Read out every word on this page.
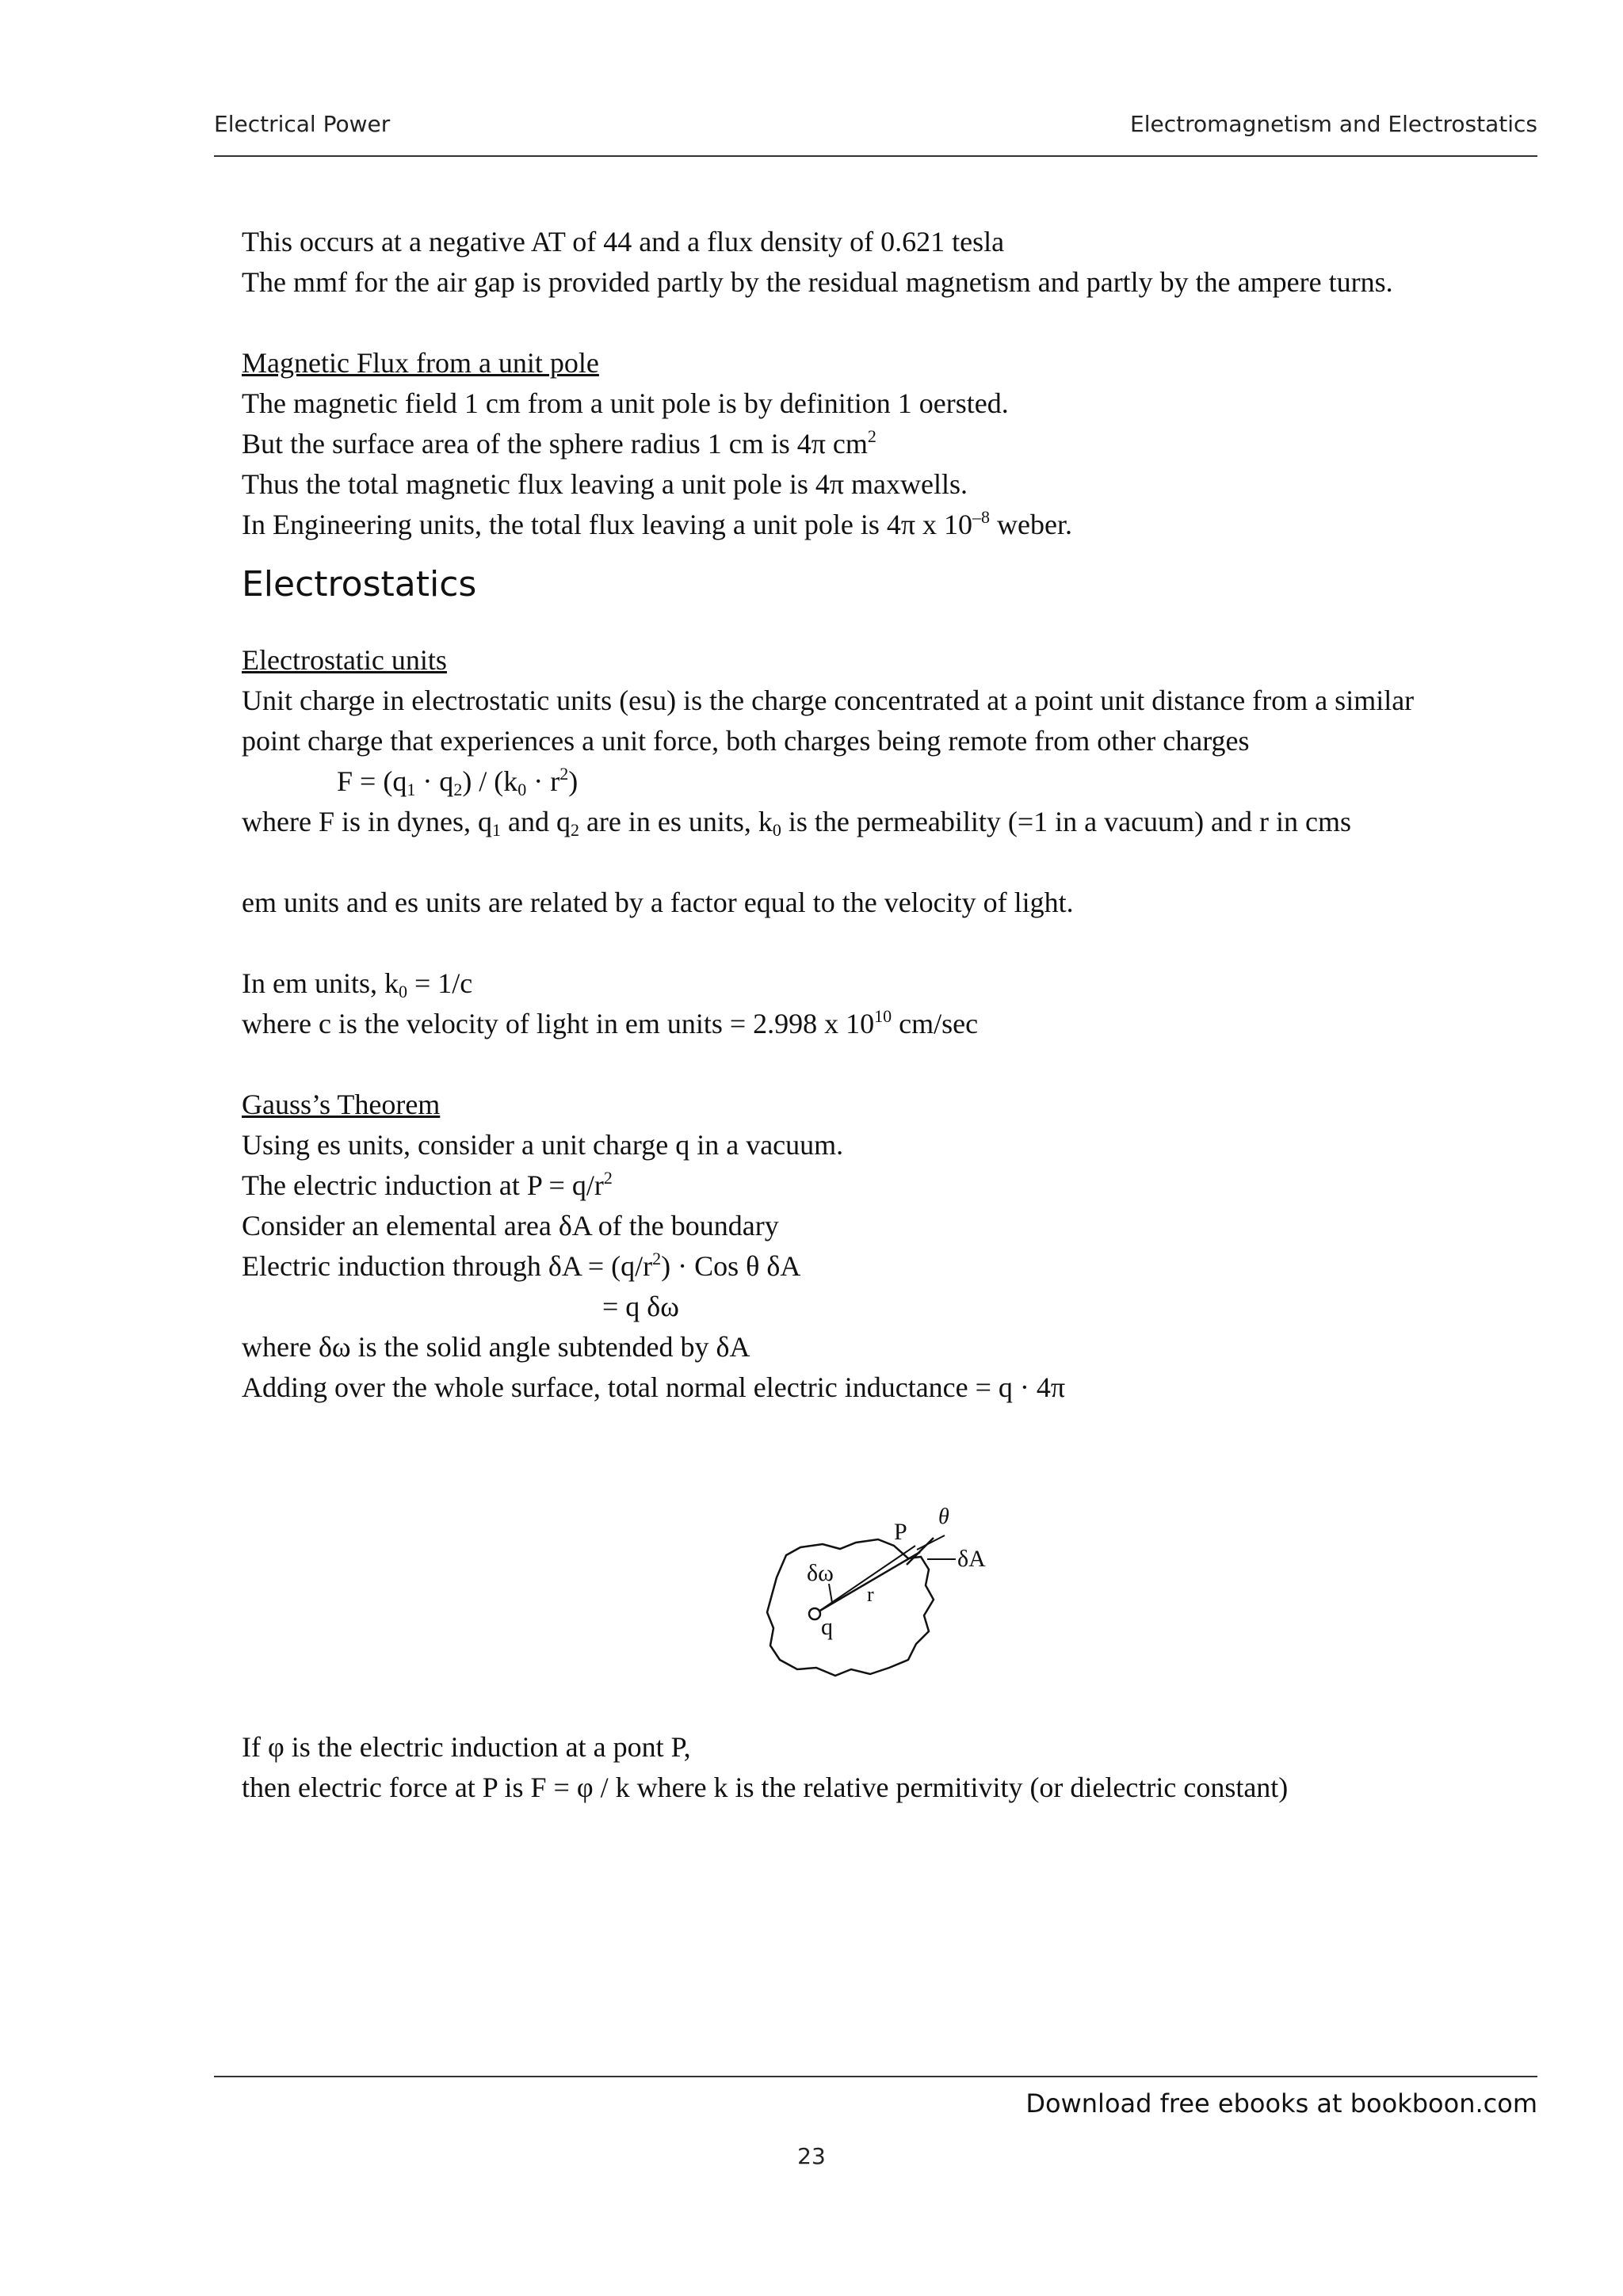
Electrical Power	Electromagnetism and Electrostatics

This occurs at a negative AT of 44 and a flux density of 0.621 tesla

The mmf for the air gap is provided partly by the residual magnetism and partly by the ampere turns.

Magnetic Flux from a unit pole

The magnetic field 1 cm from a unit pole is by definition 1 oersted.

But the surface area of the sphere radius 1 cm is 4π $cm^2$

Thus the total magnetic flux leaving a unit pole is 4π maxwells.

In Engineering units, the total flux leaving a unit pole is 4π x $10^{-8}$ weber.

Electrostatics

Electrostatic units

Unit charge in electrostatic units (esu) is the charge concentrated at a point unit distance from a similar

point charge that experiences a unit force, both charges being remote from other charges

$F = (q_1 \cdot q_2) / (k_0 \cdot r^2)$

where F is in dynes, $q_1$ and $q_2$ are in es units, $k_0$ is the permeability (=1 in a vacuum) and r in cms

em units and es units are related by a factor equal to the velocity of light.

In em units, $k_0 = 1/c$

where c is the velocity of light in em units = 2.998 x $10^{10}$ cm/sec

Gauss’s Theorem

Using es units, consider a unit charge q in a vacuum.

The electric induction at $P = q/r^2$

Consider an elemental area δA of the boundary

Electric induction through $\delta A = (q/r^2)$ · Cos θ δA

= q δω

where δω is the solid angle subtended by δA

Adding over the whole surface, total normal electric inductance = q · 4π

P
θ
δA
δω
r
q

If φ is the electric induction at a pont P,

then electric force at P is F = φ / k where k is the relative permitivity (or dielectric constant)

Download free ebooks at bookboon.com
23
